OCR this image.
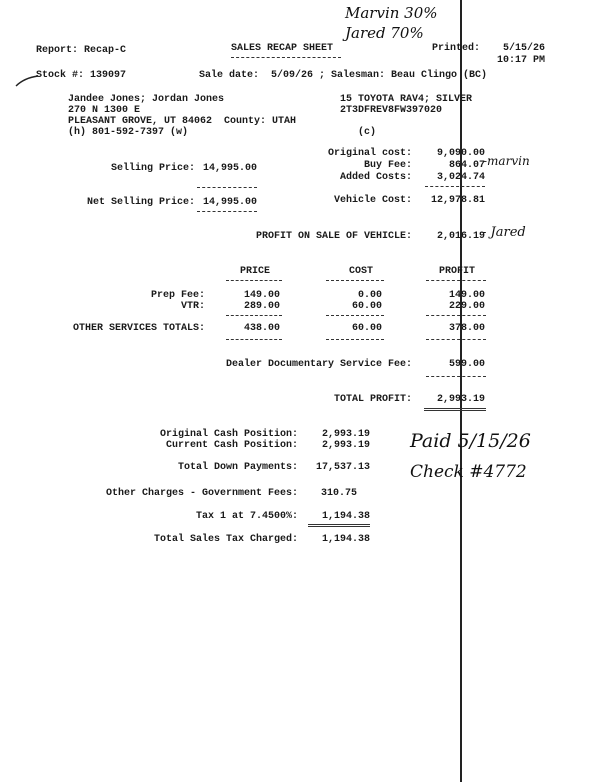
Marvin 30%
Jared 70%
-marvin
- Jared
Paid 5/15/26
Check #4772
Report: Recap-C	SALES RECAP SHEET	Printed:	5/15/26
10:17 PM
Stock #: 139097	Sale date:  5/09/26 ; Salesman: Beau Clingo (BC)
Jandee Jones; Jordan Jones
270 N 1300 E
PLEASANT GROVE, UT 84062  County: UTAH
(h) 801-592-7397 (w)
15 TOYOTA RAV4; SILVER
2T3DFREV8FW397020
(c)
Original cost:	9,090.00
Buy Fee:	864.07
Added Costs:	3,024.74
Vehicle Cost:	12,978.81
Selling Price: 14,995.00
Net Selling Price: 14,995.00
PROFIT ON SALE OF VEHICLE:	2,016.19
PRICE	COST	PROFIT
Prep Fee:	149.00	0.00	149.00
VTR:	289.00	60.00	229.00
OTHER SERVICES TOTALS:	438.00	60.00	378.00
Dealer Documentary Service Fee:	599.00
TOTAL PROFIT:	2,993.19
Original Cash Position:	2,993.19
Current Cash Position:	2,993.19
Total Down Payments:	17,537.13
Other Charges - Government Fees:	310.75
Tax 1 at 7.4500%:	1,194.38
Total Sales Tax Charged:	1,194.38
